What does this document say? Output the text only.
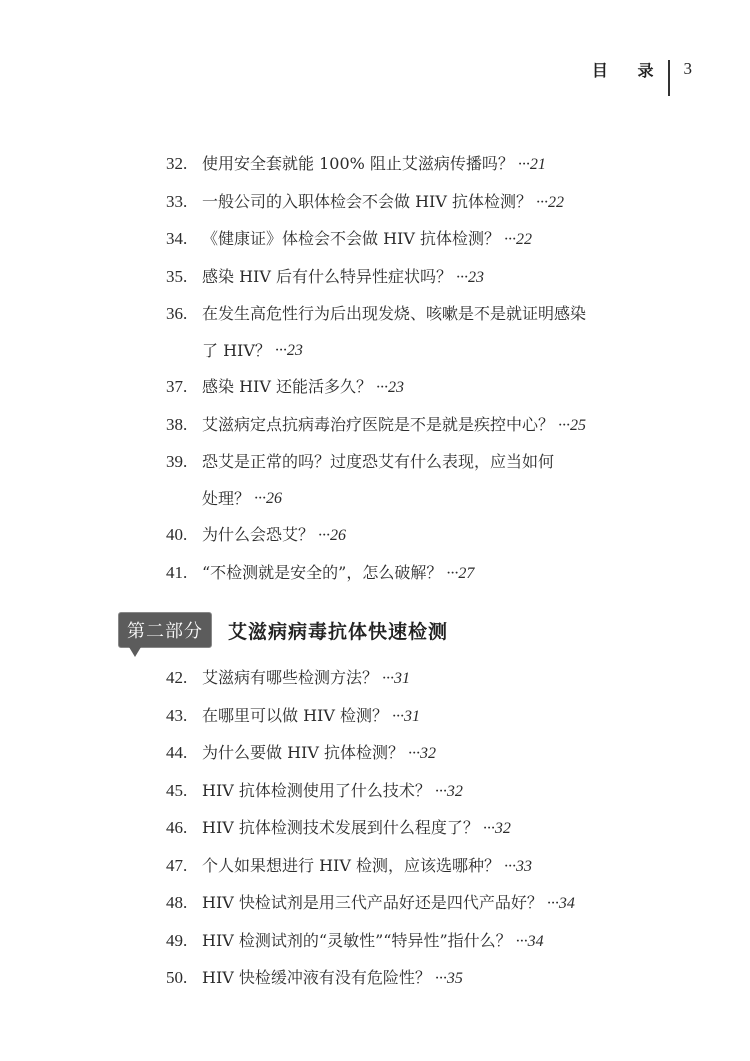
目 录 3
32. 使用安全套就能 100% 阻止艾滋病传播吗？ ···21
33. 一般公司的入职体检会不会做 HIV 抗体检测？ ···22
34. 《健康证》体检会不会做 HIV 抗体检测？ ···22
35. 感染 HIV 后有什么特异性症状吗？ ···23
36. 在发生高危性行为后出现发烧、咳嗽是不是就证明感染
了 HIV？ ···23
37. 感染 HIV 还能活多久？ ···23
38. 艾滋病定点抗病毒治疗医院是不是就是疾控中心？ ···25
39. 恐艾是正常的吗？过度恐艾有什么表现，应当如何
处理？ ···26
40. 为什么会恐艾？ ···26
41. “不检测就是安全的”，怎么破解？ ···27
第二部分	艾滋病病毒抗体快速检测
42. 艾滋病有哪些检测方法？ ···31
43. 在哪里可以做 HIV 检测？ ···31
44. 为什么要做 HIV 抗体检测？ ···32
45. HIV 抗体检测使用了什么技术？ ···32
46. HIV 抗体检测技术发展到什么程度了？ ···32
47. 个人如果想进行 HIV 检测，应该选哪种？ ···33
48. HIV 快检试剂是用三代产品好还是四代产品好？ ···34
49. HIV 检测试剂的“灵敏性”“特异性”指什么？ ···34
50. HIV 快检缓冲液有没有危险性？ ···35
